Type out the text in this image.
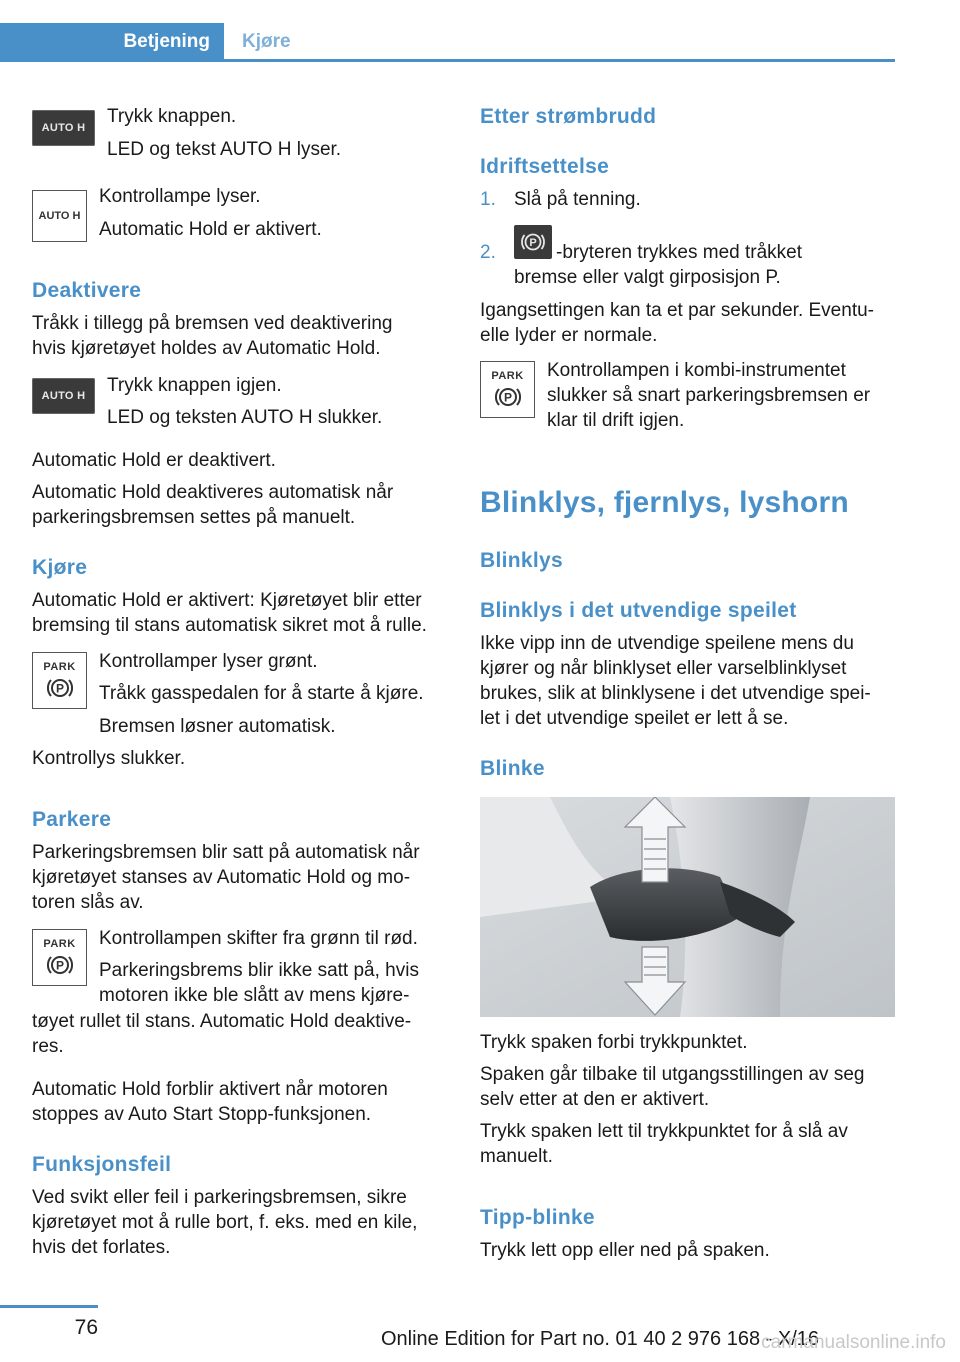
Betjening Kjøre
AUTO H
Trykk knappen.
LED og tekst AUTO H lyser.
AUTO H
Kontrollampe lyser.
Automatic Hold er aktivert.
Deaktivere
Tråkk i tillegg på bremsen ved deaktivering
hvis kjøretøyet holdes av Automatic Hold.
AUTO H Trykk knappen igjen.
LED og teksten AUTO H slukker.
Automatic Hold er deaktivert.
Automatic Hold deaktiveres automatisk når
parkeringsbremsen settes på manuelt.
Kjøre
Automatic Hold er aktivert: Kjøretøyet blir etter
bremsing til stans automatisk sikret mot å rulle.
PARK
P
Kontrollamper lyser grønt.
Tråkk gasspedalen for å starte å kjøre.
Bremsen løsner automatisk.
Kontrollys slukker.
Parkere
Parkeringsbremsen blir satt på automatisk når
kjøretøyet stanses av Automatic Hold og mo-
toren slås av.
PARK
P
Kontrollampen skifter fra grønn til rød.
Parkeringsbrems blir ikke satt på, hvis
motoren ikke ble slått av mens kjøre-
tøyet rullet til stans. Automatic Hold deaktive-
res.
Automatic Hold forblir aktivert når motoren
stoppes av Auto Start Stopp-funksjonen.
Funksjonsfeil
Ved svikt eller feil i parkeringsbremsen, sikre
kjøretøyet mot å rulle bort, f. eks. med en kile,
hvis det forlates.
Etter strømbrudd
Idriftsettelse
1. Slå på tenning.
2.	P -bryteren trykkes med tråkket
bremse eller valgt girposisjon P.
Igangsettingen kan ta et par sekunder. Eventu-
elle lyder er normale.
PARK
P
Kontrollampen i kombi-instrumentet
slukker så snart parkeringsbremsen er
klar til drift igjen.
Blinklys, fjernlys, lyshorn
Blinklys
Blinklys i det utvendige speilet
Ikke vipp inn de utvendige speilene mens du
kjører og når blinklyset eller varselblinklyset
brukes, slik at blinklysene i det utvendige spei-
let i det utvendige speilet er lett å se.
Blinke
Trykk spaken forbi trykkpunktet.
Spaken går tilbake til utgangsstillingen av seg
selv etter at den er aktivert.
Trykk spaken lett til trykkpunktet for å slå av
manuelt.
Tipp-blinke
Trykk lett opp eller ned på spaken.
76	Online Edition for Part no. 01 40 2 976 168 - X/16
carmanualsonline.info
